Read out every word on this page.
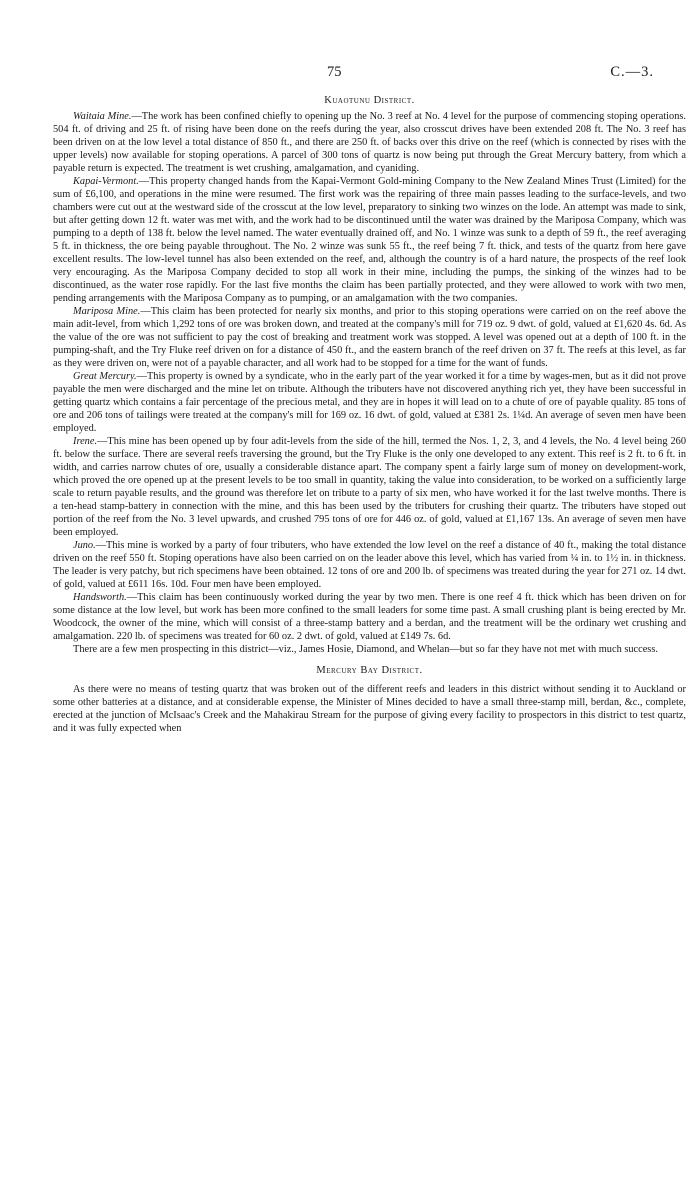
75	C.—3.
Kuaotunu District.

Waitaia Mine.—The work has been confined chiefly to opening up the No. 3 reef at No. 4 level for the purpose of commencing stoping operations. 504 ft. of driving and 25 ft. of rising have been done on the reefs during the year, also crosscut drives have been extended 208 ft. The No. 3 reef has been driven on at the low level a total distance of 850 ft., and there are 250 ft. of backs over this drive on the reef (which is connected by rises with the upper levels) now available for stoping operations. A parcel of 300 tons of quartz is now being put through the Great Mercury battery, from which a payable return is expected. The treatment is wet crushing, amalgamation, and cyaniding.

Kapai-Vermont.—This property changed hands from the Kapai-Vermont Gold-mining Company to the New Zealand Mines Trust (Limited) for the sum of £6,100, and operations in the mine were resumed. The first work was the repairing of three main passes leading to the surface-levels, and two chambers were cut out at the westward side of the crosscut at the low level, preparatory to sinking two winzes on the lode. An attempt was made to sink, but after getting down 12 ft. water was met with, and the work had to be discontinued until the water was drained by the Mariposa Company, which was pumping to a depth of 138 ft. below the level named. The water eventually drained off, and No. 1 winze was sunk to a depth of 59 ft., the reef averaging 5 ft. in thickness, the ore being payable throughout. The No. 2 winze was sunk 55 ft., the reef being 7 ft. thick, and tests of the quartz from here gave excellent results. The low-level tunnel has also been extended on the reef, and, although the country is of a hard nature, the prospects of the reef look very encouraging. As the Mariposa Company decided to stop all work in their mine, including the pumps, the sinking of the winzes had to be discontinued, as the water rose rapidly. For the last five months the claim has been partially protected, and they were allowed to work with two men, pending arrangements with the Mariposa Company as to pumping, or an amalgamation with the two companies.

Mariposa Mine.—This claim has been protected for nearly six months, and prior to this stoping operations were carried on on the reef above the main adit-level, from which 1,292 tons of ore was broken down, and treated at the company's mill for 719 oz. 9 dwt. of gold, valued at £1,620 4s. 6d. As the value of the ore was not sufficient to pay the cost of breaking and treatment work was stopped. A level was opened out at a depth of 100 ft. in the pumping-shaft, and the Try Fluke reef driven on for a distance of 450 ft., and the eastern branch of the reef driven on 37 ft. The reefs at this level, as far as they were driven on, were not of a payable character, and all work had to be stopped for a time for the want of funds.

Great Mercury.—This property is owned by a syndicate, who in the early part of the year worked it for a time by wages-men, but as it did not prove payable the men were discharged and the mine let on tribute. Although the tributers have not discovered anything rich yet, they have been successful in getting quartz which contains a fair percentage of the precious metal, and they are in hopes it will lead on to a chute of ore of payable quality. 85 tons of ore and 206 tons of tailings were treated at the company's mill for 169 oz. 16 dwt. of gold, valued at £381 2s. 1¼d. An average of seven men have been employed.

Irene.—This mine has been opened up by four adit-levels from the side of the hill, termed the Nos. 1, 2, 3, and 4 levels, the No. 4 level being 260 ft. below the surface. There are several reefs traversing the ground, but the Try Fluke is the only one developed to any extent. This reef is 2 ft. to 6 ft. in width, and carries narrow chutes of ore, usually a considerable distance apart. The company spent a fairly large sum of money on development-work, which proved the ore opened up at the present levels to be too small in quantity, taking the value into consideration, to be worked on a sufficiently large scale to return payable results, and the ground was therefore let on tribute to a party of six men, who have worked it for the last twelve months. There is a ten-head stamp-battery in connection with the mine, and this has been used by the tributers for crushing their quartz. The tributers have stoped out portion of the reef from the No. 3 level upwards, and crushed 795 tons of ore for 446 oz. of gold, valued at £1,167 13s. An average of seven men have been employed.

Juno.—This mine is worked by a party of four tributers, who have extended the low level on the reef a distance of 40 ft., making the total distance driven on the reef 550 ft. Stoping operations have also been carried on on the leader above this level, which has varied from ¼ in. to 1½ in. in thickness. The leader is very patchy, but rich specimens have been obtained. 12 tons of ore and 200 lb. of specimens was treated during the year for 271 oz. 14 dwt. of gold, valued at £611 16s. 10d. Four men have been employed.

Handsworth.—This claim has been continuously worked during the year by two men. There is one reef 4 ft. thick which has been driven on for some distance at the low level, but work has been more confined to the small leaders for some time past. A small crushing plant is being erected by Mr. Woodcock, the owner of the mine, which will consist of a three-stamp battery and a berdan, and the treatment will be the ordinary wet crushing and amalgamation. 220 lb. of specimens was treated for 60 oz. 2 dwt. of gold, valued at £149 7s. 6d.

There are a few men prospecting in this district—viz., James Hosie, Diamond, and Whelan—but so far they have not met with much success.

Mercury Bay District.

As there were no means of testing quartz that was broken out of the different reefs and leaders in this district without sending it to Auckland or some other batteries at a distance, and at considerable expense, the Minister of Mines decided to have a small three-stamp mill, berdan, &c., complete, erected at the junction of McIsaac's Creek and the Mahakirau Stream for the purpose of giving every facility to prospectors in this district to test quartz, and it was fully expected when
